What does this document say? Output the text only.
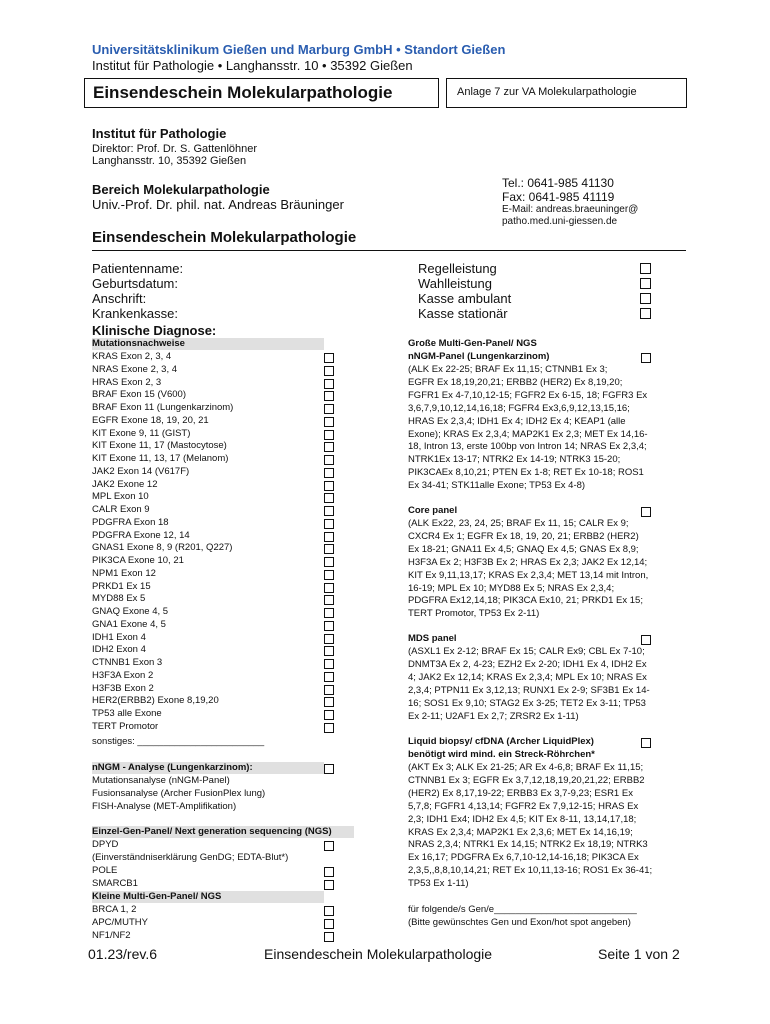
Universitätsklinikum Gießen und Marburg GmbH • Standort Gießen
Institut für Pathologie • Langhansstr. 10 • 35392 Gießen
Einsendeschein Molekularpathologie	Anlage 7 zur VA Molekularpathologie
Institut für Pathologie
Direktor: Prof. Dr. S. Gattenlöhner
Langhansstr. 10, 35392 Gießen
Bereich Molekularpathologie
Univ.-Prof. Dr. phil. nat. Andreas Bräuninger
Tel.: 0641-985 41130
Fax: 0641-985 41119
E-Mail: andreas.braeuninger@ patho.med.uni-giessen.de
Einsendeschein Molekularpathologie
Patientenname:
Geburtsdatum:
Anschrift:
Krankenkasse:
Regelleistung
Wahlleistung
Kasse ambulant
Kasse stationär
Klinische Diagnose:
Mutationsnachweise
KRAS Exon 2, 3, 4
NRAS Exone 2, 3, 4
HRAS Exon 2, 3
BRAF Exon 15 (V600)
BRAF Exon 11 (Lungenkarzinom)
EGFR Exone 18, 19, 20, 21
KIT Exone 9, 11 (GIST)
KIT Exone 11, 17 (Mastocytose)
KIT Exone 11, 13, 17 (Melanom)
JAK2 Exon 14 (V617F)
JAK2 Exone 12
MPL Exon 10
CALR Exon 9
PDGFRA Exon 18
PDGFRA Exone 12, 14
GNAS1 Exone 8, 9 (R201, Q227)
PIK3CA Exone 10, 21
NPM1 Exon 12
PRKD1 Ex 15
MYD88 Ex 5
GNAQ Exone 4, 5
GNA1 Exone 4, 5
IDH1 Exon 4
IDH2 Exon 4
CTNNB1 Exon 3
H3F3A Exon 2
H3F3B Exon 2
HER2(ERBB2) Exone 8,19,20
TP53 alle Exone
TERT Promotor
sonstiges: ________________________
nNGM - Analyse (Lungenkarzinom):
Mutationsanalyse (nNGM-Panel)
Fusionsanalyse (Archer FusionPlex lung)
FISH-Analyse (MET-Amplifikation)
Einzel-Gen-Panel/ Next generation sequencing (NGS)
DPYD
(Einverständniserklärung GenDG; EDTA-Blut*)
POLE
SMARCB1
Kleine Multi-Gen-Panel/ NGS
BRCA 1, 2
APC/MUTHY
NF1/NF2
Große Multi-Gen-Panel/ NGS
nNGM-Panel (Lungenkarzinom)
(ALK Ex 22-25; BRAF Ex 11,15; CTNNB1 Ex 3;
EGFR Ex 18,19,20,21; ERBB2 (HER2) Ex 8,19,20;
FGFR1 Ex 4-7,10,12-15; FGFR2 Ex 6-15, 18; FGFR3 Ex
3,6,7,9,10,12,14,16,18; FGFR4 Ex3,6,9,12,13,15,16;
HRAS Ex 2,3,4; IDH1 Ex 4; IDH2 Ex 4; KEAP1 (alle
Exone); KRAS Ex 2,3,4; MAP2K1 Ex 2,3; MET Ex 14,16-
18, Intron 13, erste 100bp von Intron 14; NRAS Ex 2,3,4;
NTRK1Ex 13-17; NTRK2 Ex 14-19; NTRK3 15-20;
PIK3CAEx 8,10,21; PTEN Ex 1-8; RET Ex 10-18; ROS1
Ex 34-41; STK11alle Exone; TP53 Ex 4-8)
Core panel
(ALK Ex22, 23, 24, 25; BRAF Ex 11, 15; CALR Ex 9;
CXCR4 Ex 1; EGFR Ex 18, 19, 20, 21; ERBB2 (HER2)
Ex 18-21; GNA11 Ex 4,5; GNAQ Ex 4,5; GNAS Ex 8,9;
H3F3A Ex 2; H3F3B Ex 2; HRAS Ex 2,3; JAK2 Ex 12,14;
KIT Ex 9,11,13,17; KRAS Ex 2,3,4; MET 13,14 mit Intron,
16-19; MPL Ex 10; MYD88 Ex 5; NRAS Ex 2,3,4;
PDGFRA Ex12,14,18; PIK3CA Ex10, 21; PRKD1 Ex 15;
TERT Promotor, TP53 Ex 2-11)
MDS panel
(ASXL1 Ex 2-12; BRAF Ex 15; CALR Ex9; CBL Ex 7-10;
DNMT3A Ex 2, 4-23; EZH2 Ex 2-20; IDH1 Ex 4, IDH2 Ex
4; JAK2 Ex 12,14; KRAS Ex 2,3,4; MPL Ex 10; NRAS Ex
2,3,4; PTPN11 Ex 3,12,13; RUNX1 Ex 2-9; SF3B1 Ex 14-
16; SOS1 Ex 9,10; STAG2 Ex 3-25; TET2 Ex 3-11; TP53
Ex 2-11; U2AF1 Ex 2,7; ZRSR2 Ex 1-11)
Liquid biopsy/ cfDNA (Archer LiquidPlex)
benötigt wird mind. ein Streck-Röhrchen*
(AKT Ex 3; ALK Ex 21-25; AR Ex 4-6,8; BRAF Ex 11,15;
CTNNB1 Ex 3; EGFR Ex 3,7,12,18,19,20,21,22; ERBB2
(HER2) Ex 8,17,19-22; ERBB3 Ex 3,7-9,23; ESR1 Ex
5,7,8; FGFR1 4,13,14; FGFR2 Ex 7,9,12-15; HRAS Ex
2,3; IDH1 Ex4; IDH2 Ex 4,5; KIT Ex 8-11, 13,14,17,18;
KRAS Ex 2,3,4; MAP2K1 Ex 2,3,6; MET Ex 14,16,19;
NRAS 2,3,4; NTRK1 Ex 14,15; NTRK2 Ex 18,19; NTRK3
Ex 16,17; PDGFRA Ex 6,7,10-12,14-16,18; PIK3CA Ex
2,3,5,,8,8,10,14,21; RET Ex 10,11,13-16; ROS1 Ex 36-41;
TP53 Ex 1-11)
für folgende/s Gen/e___________________________
(Bitte gewünschtes Gen und Exon/hot spot angeben)
01.23/rev.6	Einsendeschein Molekularpathologie	Seite 1 von 2
